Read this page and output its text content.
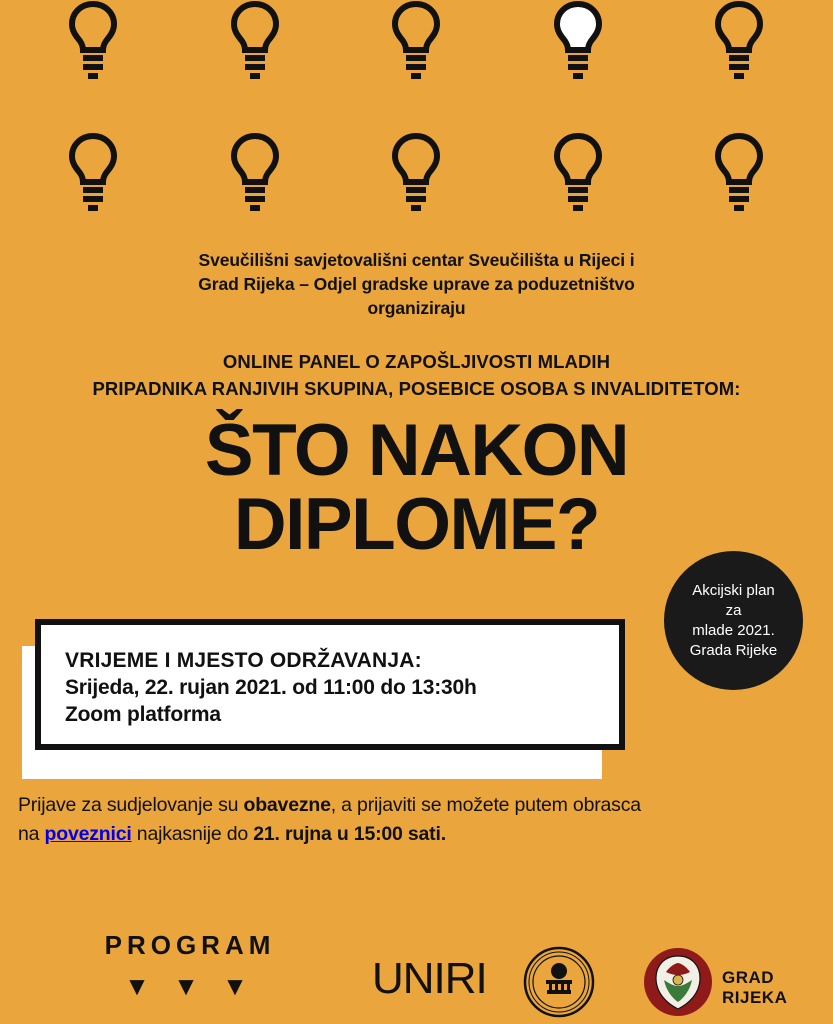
Sveučilišni savjetovališni centar Sveučilišta u Rijeci i
Grad Rijeka – Odjel gradske uprave za poduzetništvo
organiziraju
ONLINE PANEL O ZAPOŠLJIVOSTI MLADIH
PRIPADNIKA RANJIVIH SKUPINA, POSEBICE OSOBA S INVALIDITETOM:
ŠTO NAKON
DIPLOME?
Akcijski plan
za
mlade 2021.
Grada Rijeke
VRIJEME I MJESTO ODRŽAVANJA:
Srijeda, 22. rujan 2021. od 11:00 do 13:30h
Zoom platforma
Prijave za sudjelovanje su obavezne, a prijaviti se možete putem obrasca
na poveznici najkasnije do 21. rujna u 15:00 sati.
PROGRAM
▼ ▼ ▼	UNIRI	GRAD RIJEKA
